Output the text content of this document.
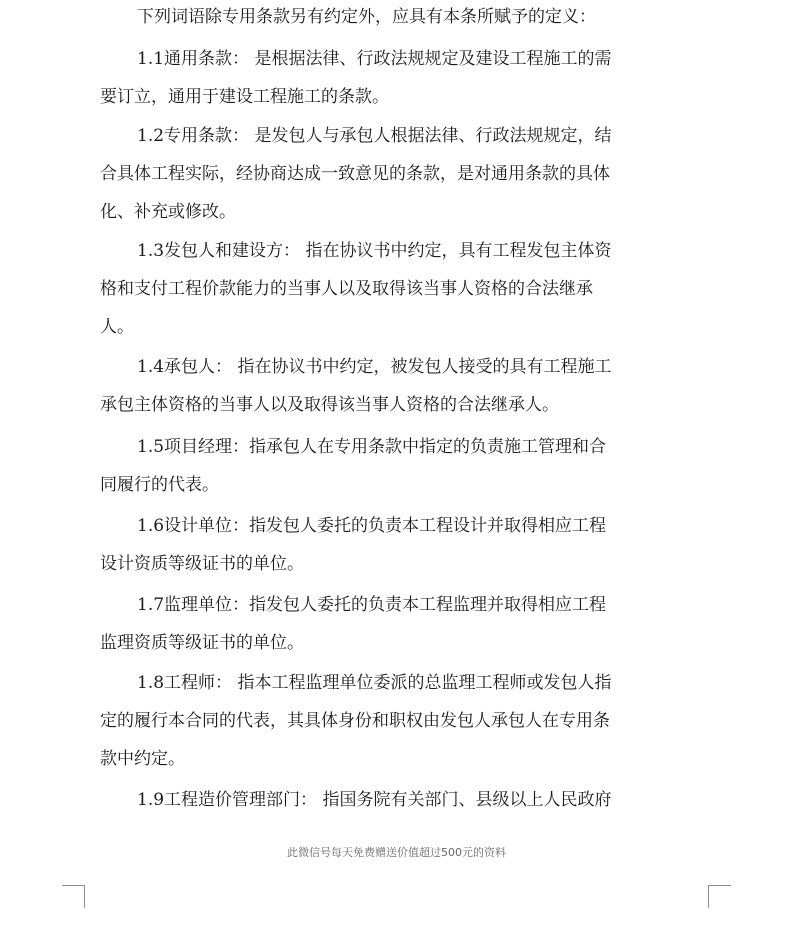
下列词语除专用条款另有约定外，应具有本条所赋予的定义：
1.1通用条款： 是根据法律、行政法规规定及建设工程施工的需
要订立，通用于建设工程施工的条款。
1.2专用条款： 是发包人与承包人根据法律、行政法规规定，结
合具体工程实际，经协商达成一致意见的条款，是对通用条款的具体
化、补充或修改。
1.3发包人和建设方： 指在协议书中约定，具有工程发包主体资
格和支付工程价款能力的当事人以及取得该当事人资格的合法继承
人。
1.4承包人： 指在协议书中约定，被发包人接受的具有工程施工
承包主体资格的当事人以及取得该当事人资格的合法继承人。
1.5项目经理：指承包人在专用条款中指定的负责施工管理和合
同履行的代表。
1.6设计单位：指发包人委托的负责本工程设计并取得相应工程
设计资质等级证书的单位。
1.7监理单位：指发包人委托的负责本工程监理并取得相应工程
监理资质等级证书的单位。
1.8工程师： 指本工程监理单位委派的总监理工程师或发包人指
定的履行本合同的代表，其具体身份和职权由发包人承包人在专用条
款中约定。
1.9工程造价管理部门： 指国务院有关部门、县级以上人民政府
此微信号每天免费赠送价值超过500元的资料
